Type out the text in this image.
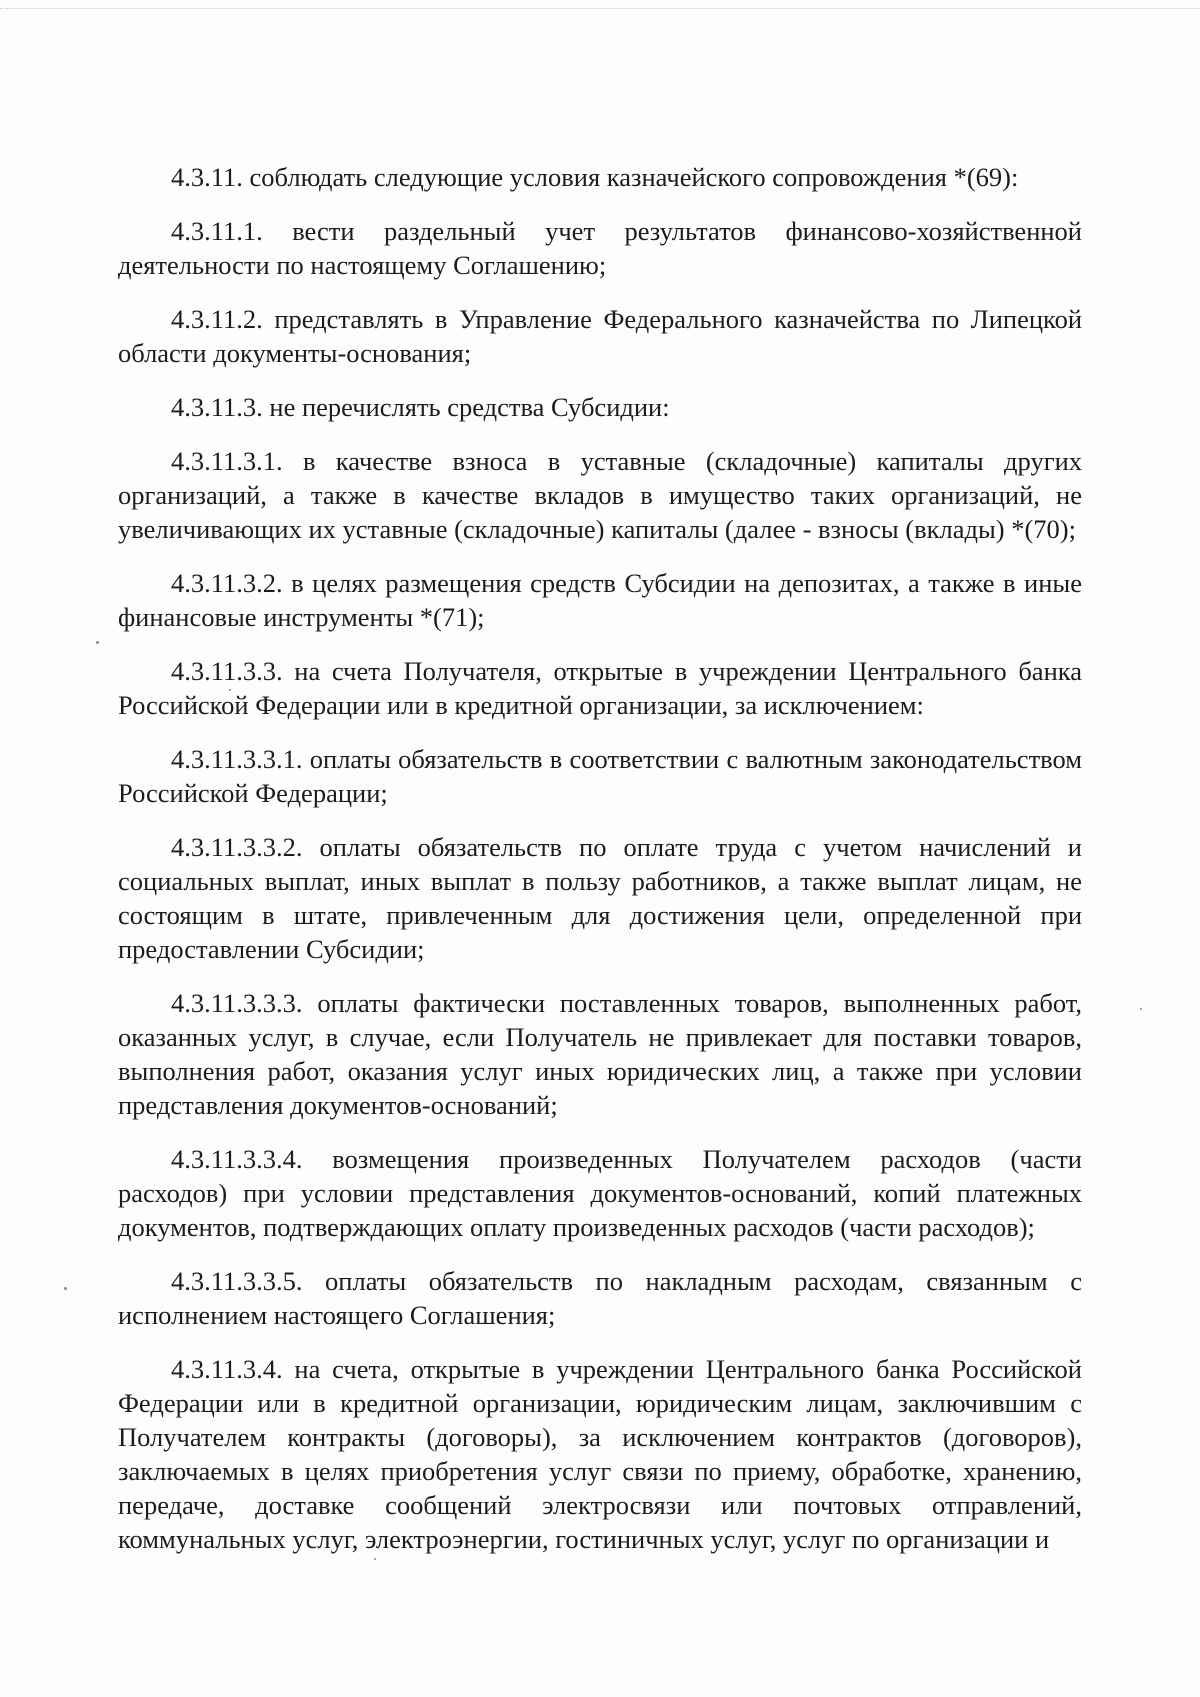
4.3.11. соблюдать следующие условия казначейского сопровождения *(69):

4.3.11.1. вести раздельный учет результатов финансово-хозяйственной деятельности по настоящему Соглашению;

4.3.11.2. представлять в Управление Федерального казначейства по Липецкой области документы-основания;

4.3.11.3. не перечислять средства Субсидии:

4.3.11.3.1. в качестве взноса в уставные (складочные) капиталы других организаций, а также в качестве вкладов в имущество таких организаций, не увеличивающих их уставные (складочные) капиталы (далее - взносы (вклады) *(70);

4.3.11.3.2. в целях размещения средств Субсидии на депозитах, а также в иные финансовые инструменты *(71);

4.3.11.3.3. на счета Получателя, открытые в учреждении Центрального банка Российской Федерации или в кредитной организации, за исключением:

4.3.11.3.3.1. оплаты обязательств в соответствии с валютным законодательством Российской Федерации;

4.3.11.3.3.2. оплаты обязательств по оплате труда с учетом начислений и социальных выплат, иных выплат в пользу работников, а также выплат лицам, не состоящим в штате, привлеченным для достижения цели, определенной при предоставлении Субсидии;

4.3.11.3.3.3. оплаты фактически поставленных товаров, выполненных работ, оказанных услуг, в случае, если Получатель не привлекает для поставки товаров, выполнения работ, оказания услуг иных юридических лиц, а также при условии представления документов-оснований;

4.3.11.3.3.4. возмещения произведенных Получателем расходов (части расходов) при условии представления документов-оснований, копий платежных документов, подтверждающих оплату произведенных расходов (части расходов);

4.3.11.3.3.5. оплаты обязательств по накладным расходам, связанным с исполнением настоящего Соглашения;

4.3.11.3.4. на счета, открытые в учреждении Центрального банка Российской Федерации или в кредитной организации, юридическим лицам, заключившим с Получателем контракты (договоры), за исключением контрактов (договоров), заключаемых в целях приобретения услуг связи по приему, обработке, хранению, передаче, доставке сообщений электросвязи или почтовых отправлений, коммунальных услуг, электроэнергии, гостиничных услуг, услуг по организации и
